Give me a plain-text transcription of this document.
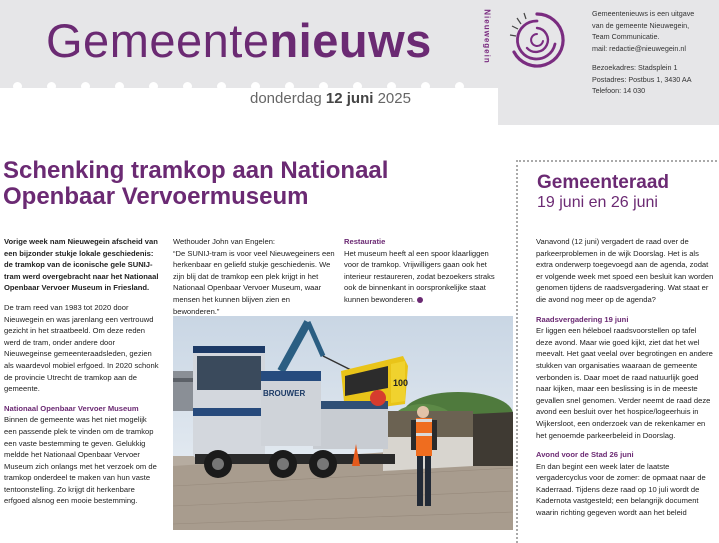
Gemeentenieuws
donderdag 12 juni 2025
Nieuwegein	Gemeentenieuws is een uitgave

van de gemeente Nieuwegein,

Team Communicatie.

mail: redactie@nieuwegein.nl

Bezoekadres: Stadsplein 1

Postadres: Postbus 1, 3430 AA

Telefoon: 14 030

Schenking tramkop aan Nationaal
Openbaar Vervoermuseum

Vorige week nam Nieuwegein afscheid van een bijzonder stukje lokale geschiedenis: de tramkop van de iconische gele SUNIJ-tram werd overgebracht naar het Nationaal Openbaar Vervoer Museum in Friesland.

De tram reed van 1983 tot 2020 door Nieuwegein en was jarenlang een vertrouwd gezicht in het straatbeeld. Om deze reden werd de tram, onder andere door Nieuwegeinse gemeenteraadsleden, gezien als waardevol mobiel erfgoed. In 2020 schonk de provincie Utrecht de tramkop aan de gemeente.

Nationaal Openbaar Vervoer Museum

Binnen de gemeente was het niet mogelijk een passende plek te vinden om de tramkop een vaste bestemming te geven. Gelukkig meldde het Nationaal Openbaar Vervoer Museum zich onlangs met het verzoek om de tramkop onderdeel te maken van hun vaste tentoonstelling. Zo krijgt dit herkenbare erfgoed alsnog een mooie bestemming.

Wethouder John van Engelen:

“De SUNIJ-tram is voor veel Nieuwegeiners een herkenbaar en geliefd stukje geschiedenis. We zijn blij dat de tramkop een plek krijgt in het Nationaal Openbaar Vervoer Museum, waar mensen het kunnen blijven zien en bewonderen.”

Restauratie

Het museum heeft al een spoor klaarliggen voor de tramkop. Vrijwilligers gaan ook het interieur restaureren, zodat bezoekers straks ook de binnenkant in oorspronkelijke staat kunnen bewonderen.

100
BROUWER
Gemeenteraad
19 juni en 26 juni

Vanavond (12 juni) vergadert de raad over de parkeerproblemen in de wijk Doorslag. Het is als extra onderwerp toegevoegd aan de agenda, zodat er volgende week met spoed een besluit kan worden genomen tijdens de raadsvergadering. Wat staat er die avond nog meer op de agenda?

Raadsvergadering 19 juni

Er liggen een héleboel raadsvoorstellen op tafel deze avond. Maar wie goed kijkt, ziet dat het wel meevalt. Het gaat veelal over begrotingen en andere stukken van organisaties waaraan de gemeente verbonden is. Daar moet de raad natuurlijk goed naar kijken, maar een beslissing is in de meeste gevallen snel genomen. Verder neemt de raad deze avond een besluit over het hospice/logeerhuis in Wijkersloot, een onderzoek van de rekenkamer en het genoemde parkeerbeleid in Doorslag.

Avond voor de Stad 26 juni

En dan begint een week later de laatste vergadercyclus voor de zomer: de opmaat naar de Kaderraad. Tijdens deze raad op 10 juli wordt de Kadernota vastgesteld; een belangrijk document waarin richting gegeven wordt aan het beleid
